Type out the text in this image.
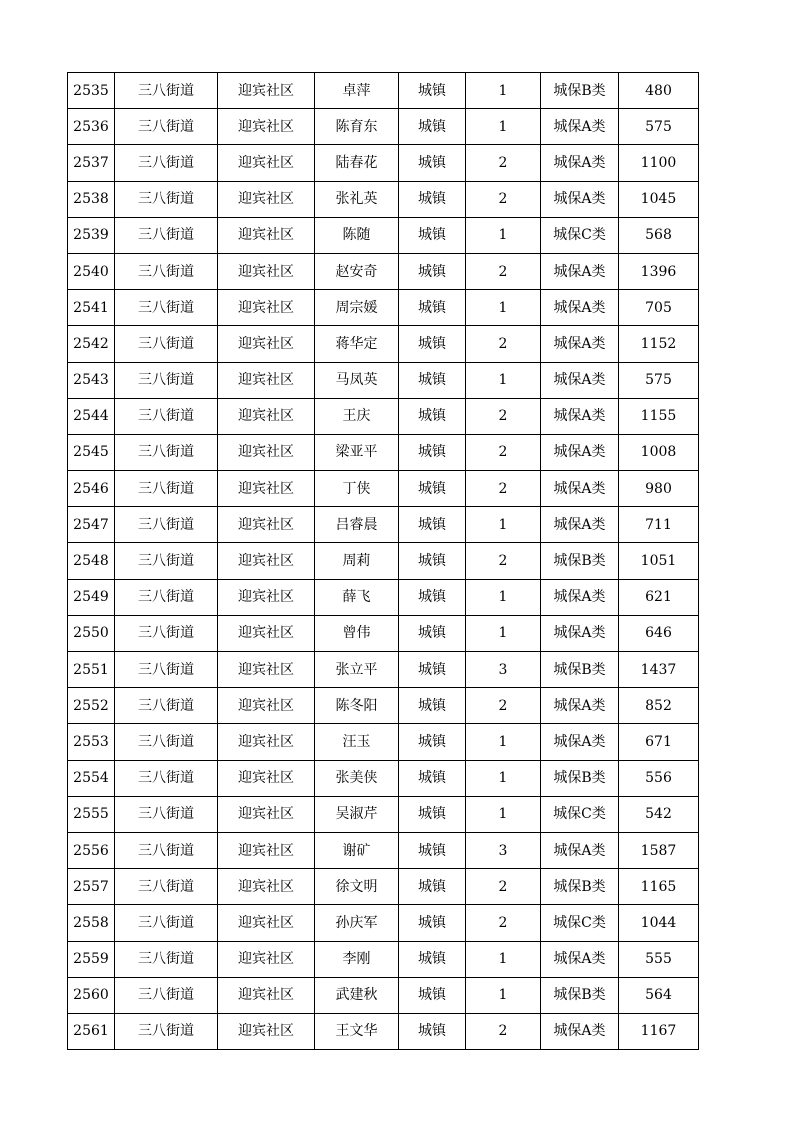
2535	三八街道	迎宾社区	卓萍	城镇	1	城保B类	480
2536	三八街道	迎宾社区	陈育东	城镇	1	城保A类	575
2537	三八街道	迎宾社区	陆春花	城镇	2	城保A类	1100
2538	三八街道	迎宾社区	张礼英	城镇	2	城保A类	1045
2539	三八街道	迎宾社区	陈随	城镇	1	城保C类	568
2540	三八街道	迎宾社区	赵安奇	城镇	2	城保A类	1396
2541	三八街道	迎宾社区	周宗媛	城镇	1	城保A类	705
2542	三八街道	迎宾社区	蒋华定	城镇	2	城保A类	1152
2543	三八街道	迎宾社区	马凤英	城镇	1	城保A类	575
2544	三八街道	迎宾社区	王庆	城镇	2	城保A类	1155
2545	三八街道	迎宾社区	梁亚平	城镇	2	城保A类	1008
2546	三八街道	迎宾社区	丁侠	城镇	2	城保A类	980
2547	三八街道	迎宾社区	吕睿晨	城镇	1	城保A类	711
2548	三八街道	迎宾社区	周莉	城镇	2	城保B类	1051
2549	三八街道	迎宾社区	薛飞	城镇	1	城保A类	621
2550	三八街道	迎宾社区	曾伟	城镇	1	城保A类	646
2551	三八街道	迎宾社区	张立平	城镇	3	城保B类	1437
2552	三八街道	迎宾社区	陈冬阳	城镇	2	城保A类	852
2553	三八街道	迎宾社区	汪玉	城镇	1	城保A类	671
2554	三八街道	迎宾社区	张美侠	城镇	1	城保B类	556
2555	三八街道	迎宾社区	吴淑芹	城镇	1	城保C类	542
2556	三八街道	迎宾社区	谢矿	城镇	3	城保A类	1587
2557	三八街道	迎宾社区	徐文明	城镇	2	城保B类	1165
2558	三八街道	迎宾社区	孙庆军	城镇	2	城保C类	1044
2559	三八街道	迎宾社区	李刚	城镇	1	城保A类	555
2560	三八街道	迎宾社区	武建秋	城镇	1	城保B类	564
2561	三八街道	迎宾社区	王文华	城镇	2	城保A类	1167
